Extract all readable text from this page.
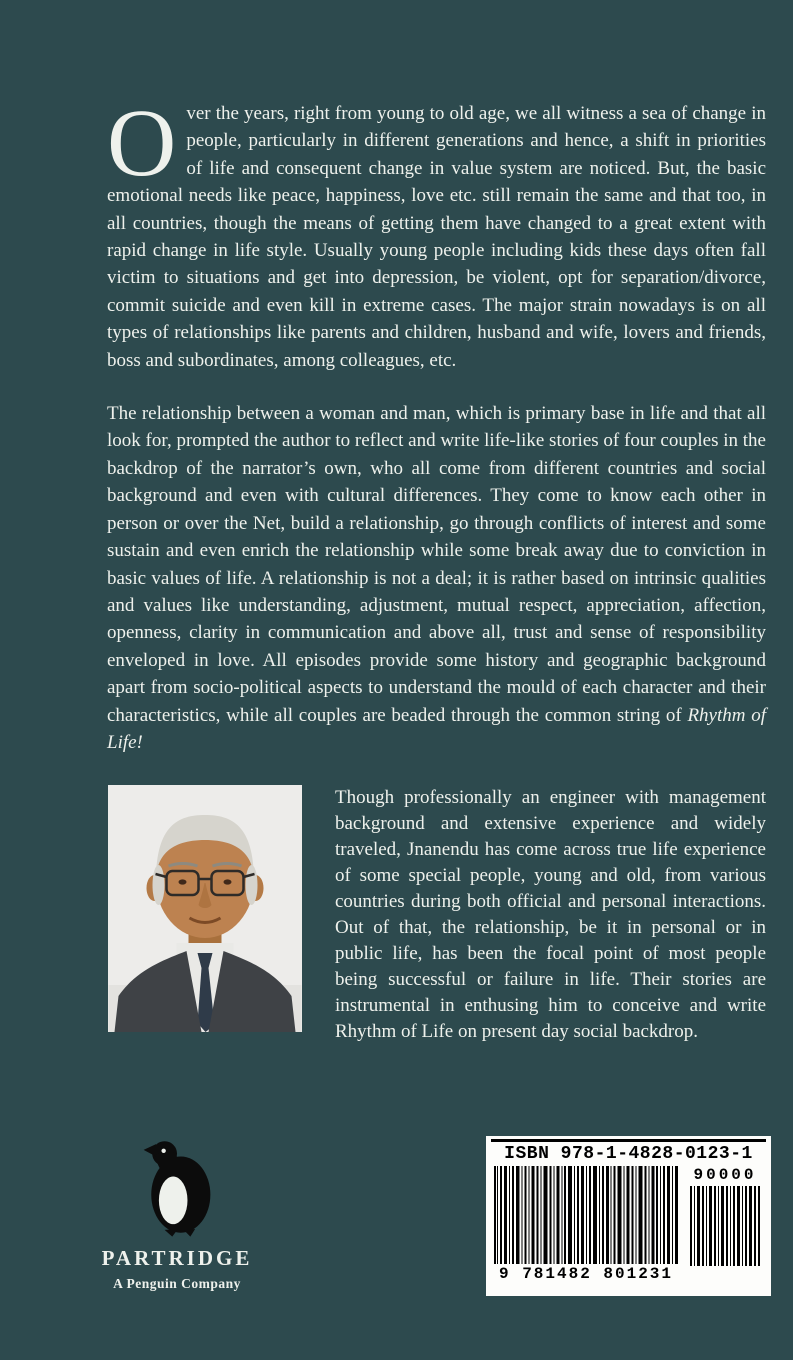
Over the years, right from young to old age, we all witness a sea of change in people, particularly in different generations and hence, a shift in priorities of life and consequent change in value system are noticed. But, the basic emotional needs like peace, happiness, love etc. still remain the same and that too, in all countries, though the means of getting them have changed to a great extent with rapid change in life style. Usually young people including kids these days often fall victim to situations and get into depression, be violent, opt for separation/divorce, commit suicide and even kill in extreme cases. The major strain nowadays is on all types of relationships like parents and children, husband and wife, lovers and friends, boss and subordinates, among colleagues, etc.

The relationship between a woman and man, which is primary base in life and that all look for, prompted the author to reflect and write life-like stories of four couples in the backdrop of the narrator’s own, who all come from different countries and social background and even with cultural differences. They come to know each other in person or over the Net, build a relationship, go through conflicts of interest and some sustain and even enrich the relationship while some break away due to conviction in basic values of life. A relationship is not a deal; it is rather based on intrinsic qualities and values like understanding, adjustment, mutual respect, appreciation, affection, openness, clarity in communication and above all, trust and sense of responsibility enveloped in love. All episodes provide some history and geographic background apart from socio-political aspects to understand the mould of each character and their characteristics, while all couples are beaded through the common string of Rhythm of Life!

Though professionally an engineer with management background and extensive experience and widely traveled, Jnanendu has come across true life experience of some special people, young and old, from various countries during both official and personal interactions. Out of that, the relationship, be it in personal or in public life, has been the focal point of most people being successful or failure in life. Their stories are instrumental in enthusing him to conceive and write Rhythm of Life on present day social backdrop.

PARTRIDGE
A Penguin Company
ISBN 978-1-4828-0123-1
9 781482 801231
90000
